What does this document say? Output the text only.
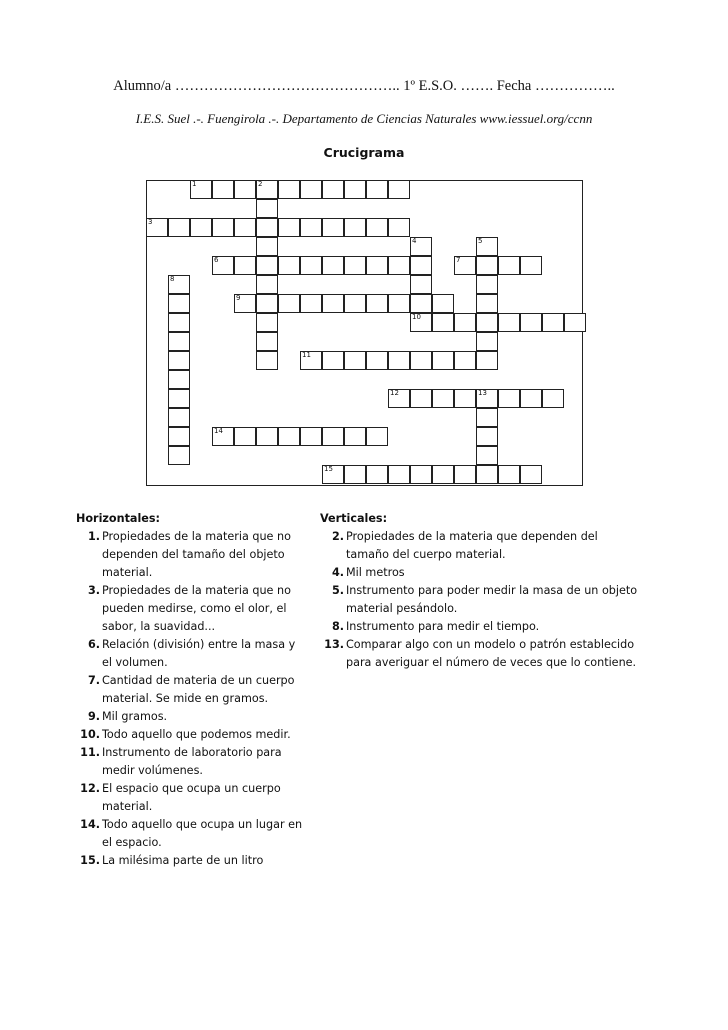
Alumno/a ……………………………………….. 1º E.S.O. ……. Fecha ……………..
I.E.S. Suel .-. Fuengirola .-. Departamento de Ciencias Naturales www.iessuel.org/ccnn
Crucigrama
1	2
3
4	5
6	7
8
9
10
11
12	13
14
15
Horizontales:
1. Propiedades de la materia que no dependen del tamaño del objeto material.
3. Propiedades de la materia que no pueden medirse, como el olor, el sabor, la suavidad...
6. Relación (división) entre la masa y el volumen.
7. Cantidad de materia de un cuerpo material. Se mide en gramos.
9. Mil gramos.
10. Todo aquello que podemos medir.
11. Instrumento de laboratorio para medir volúmenes.
12. El espacio que ocupa un cuerpo material.
14. Todo aquello que ocupa un lugar en el espacio.
15. La milésima parte de un litro
Verticales:
2. Propiedades de la materia que dependen del tamaño del cuerpo material.
4. Mil metros
5. Instrumento para poder medir la masa de un objeto material pesándolo.
8. Instrumento para medir el tiempo.
13. Comparar algo con un modelo o patrón establecido para averiguar el número de veces que lo contiene.
